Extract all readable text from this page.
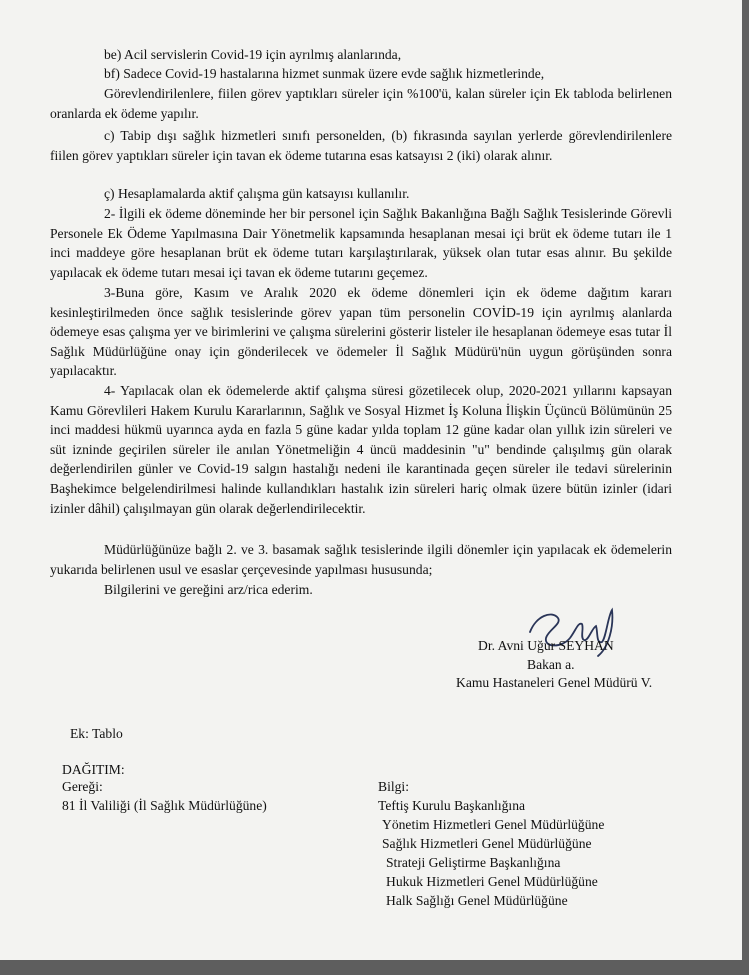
be) Acil servislerin Covid-19 için ayrılmış alanlarında,
bf) Sadece Covid-19 hastalarına hizmet sunmak üzere evde sağlık hizmetlerinde,
Görevlendirilenlere, fiilen görev yaptıkları süreler için %100'ü, kalan süreler için Ek tabloda belirlenen oranlarda ek ödeme yapılır.
c) Tabip dışı sağlık hizmetleri sınıfı personelden, (b) fıkrasında sayılan yerlerde görevlendirilenlere fiilen görev yaptıkları süreler için tavan ek ödeme tutarına esas katsayısı 2 (iki) olarak alınır.
ç) Hesaplamalarda aktif çalışma gün katsayısı kullanılır.
2- İlgili ek ödeme döneminde her bir personel için Sağlık Bakanlığına Bağlı Sağlık Tesislerinde Görevli Personele Ek Ödeme Yapılmasına Dair Yönetmelik kapsamında hesaplanan mesai içi brüt ek ödeme tutarı ile 1 inci maddeye göre hesaplanan brüt ek ödeme tutarı karşılaştırılarak, yüksek olan tutar esas alınır. Bu şekilde yapılacak ek ödeme tutarı mesai içi tavan ek ödeme tutarını geçemez.
3-Buna göre, Kasım ve Aralık 2020 ek ödeme dönemleri için ek ödeme dağıtım kararı kesinleştirilmeden önce sağlık tesislerinde görev yapan tüm personelin COVİD-19 için ayrılmış alanlarda ödemeye esas çalışma yer ve birimlerini ve çalışma sürelerini gösterir listeler ile hesaplanan ödemeye esas tutar İl Sağlık Müdürlüğüne onay için gönderilecek ve ödemeler İl Sağlık Müdürü'nün uygun görüşünden sonra yapılacaktır.
4- Yapılacak olan ek ödemelerde aktif çalışma süresi gözetilecek olup, 2020-2021 yıllarını kapsayan Kamu Görevlileri Hakem Kurulu Kararlarının, Sağlık ve Sosyal Hizmet İş Koluna İlişkin Üçüncü Bölümünün 25 inci maddesi hükmü uyarınca ayda en fazla 5 güne kadar yılda toplam 12 güne kadar olan yıllık izin süreleri ve süt izninde geçirilen süreler ile anılan Yönetmeliğin 4 üncü maddesinin "u" bendinde çalışılmış gün olarak değerlendirilen günler ve Covid-19 salgın hastalığı nedeni ile karantinada geçen süreler ile tedavi sürelerinin Başhekimce belgelendirilmesi halinde kullandıkları hastalık izin süreleri hariç olmak üzere bütün izinler (idari izinler dâhil) çalışılmayan gün olarak değerlendirilecektir.
Müdürlüğünüze bağlı 2. ve 3. basamak sağlık tesislerinde ilgili dönemler için yapılacak ek ödemelerin yukarıda belirlenen usul ve esaslar çerçevesinde yapılması hususunda;
Bilgilerini ve gereğini arz/rica ederim.
Dr. Avni Uğur SEYHAN
Bakan a.
Kamu Hastaneleri Genel Müdürü V.
Ek: Tablo
DAĞITIM:
Gereği:
81 İl Valiliği (İl Sağlık Müdürlüğüne)
Bilgi:
Teftiş Kurulu Başkanlığına
Yönetim Hizmetleri Genel Müdürlüğüne
Sağlık Hizmetleri Genel Müdürlüğüne
Strateji Geliştirme Başkanlığına
Hukuk Hizmetleri Genel Müdürlüğüne
Halk Sağlığı Genel Müdürlüğüne
